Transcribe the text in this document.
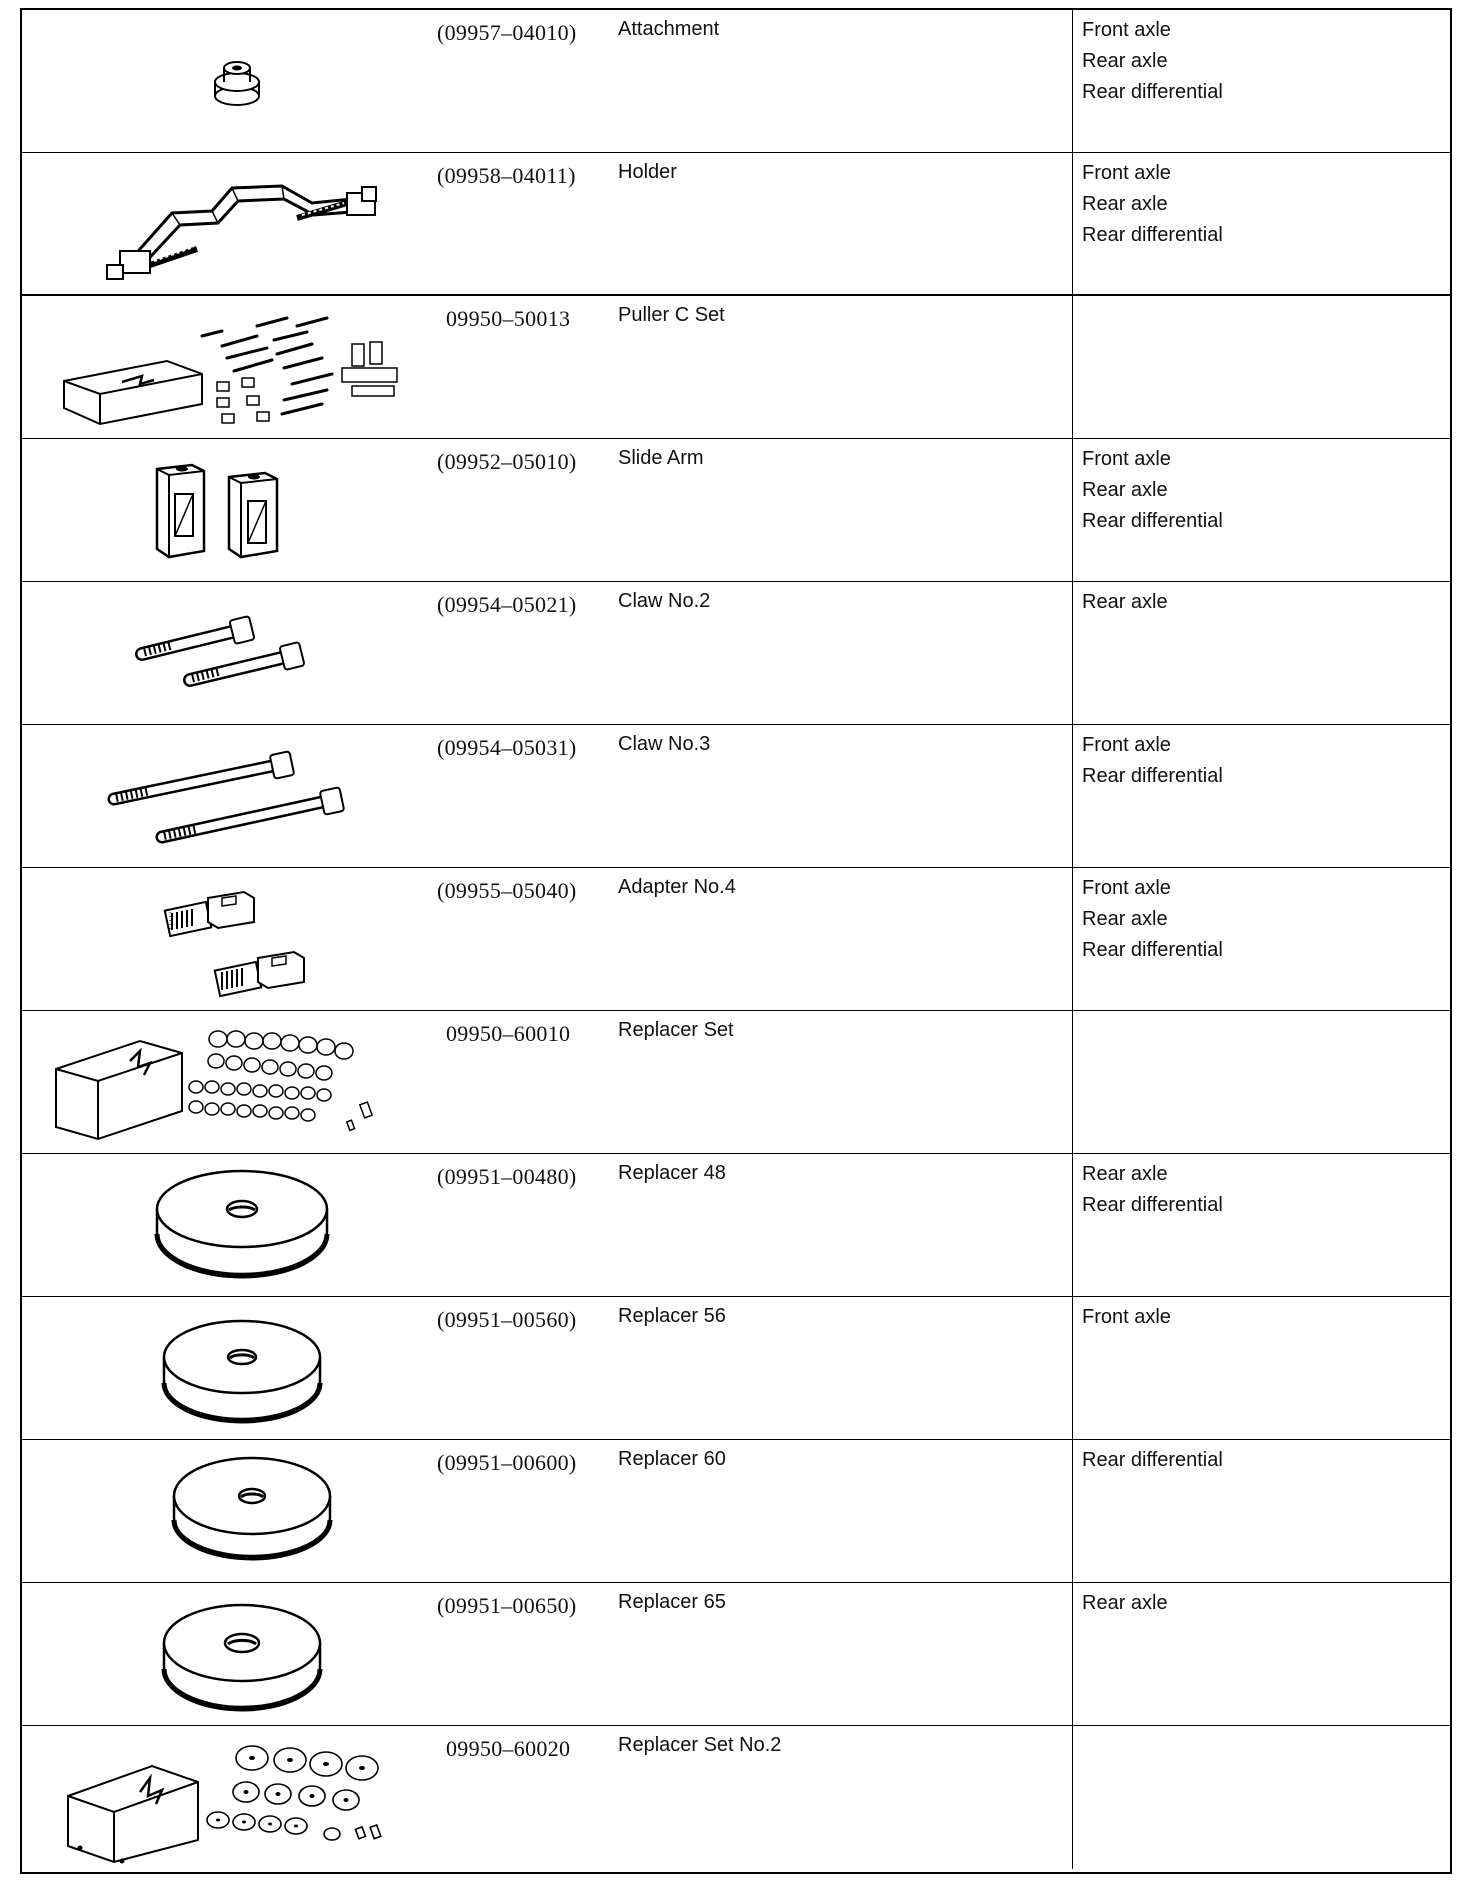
(09957–04010) Attachment	Front axle
Rear axle
Rear differential
(09958–04011) Holder	Front axle
Rear axle
Rear differential
09950–50013 Puller C Set
(09952–05010) Slide Arm	Front axle
Rear axle
Rear differential
(09954–05021) Claw No.2	Rear axle
(09954–05031) Claw No.3	Front axle
Rear differential
(09955–05040) Adapter No.4	Front axle
Rear axle
Rear differential
09950–60010 Replacer Set
(09951–00480) Replacer 48	Rear axle
Rear differential
(09951–00560) Replacer 56	Front axle
(09951–00600) Replacer 60	Rear differential
(09951–00650) Replacer 65	Rear axle
09950–60020 Replacer Set No.2
